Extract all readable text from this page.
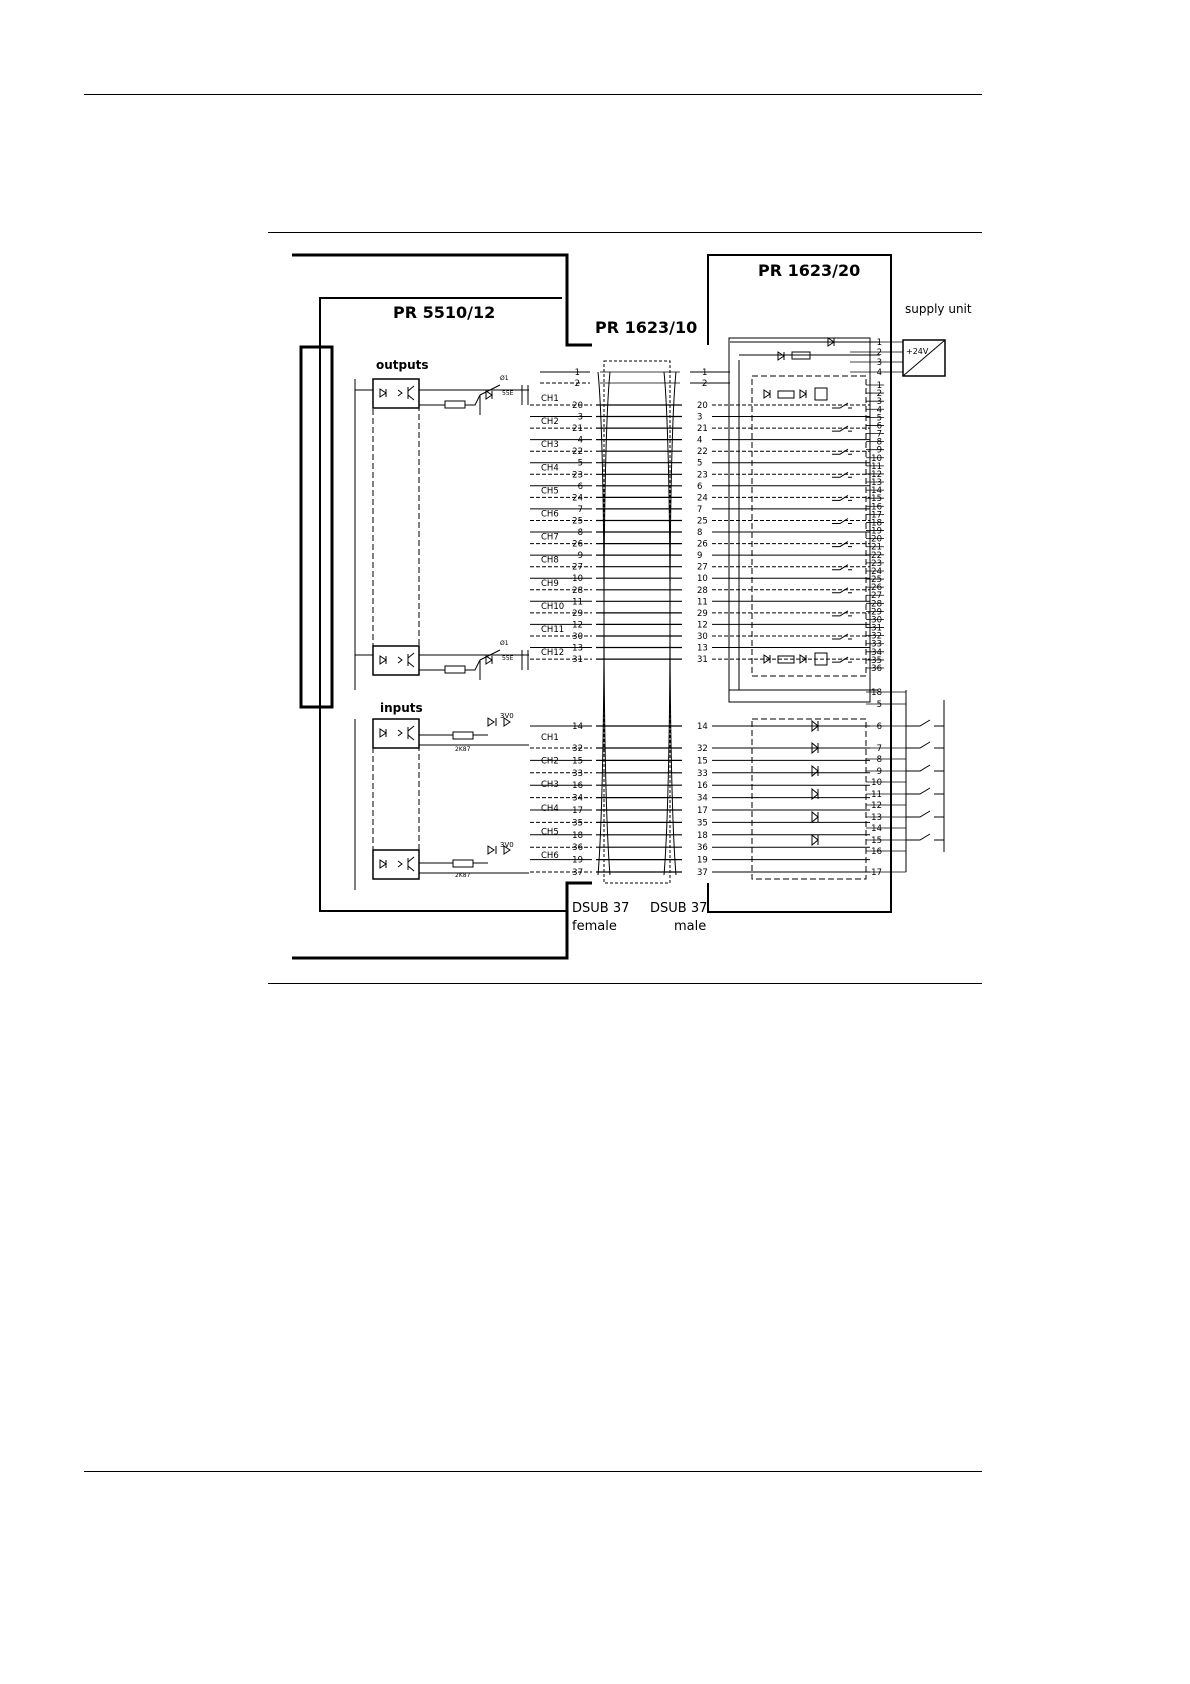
PR 5510/12
PR 1623/10
PR 1623/20
supply unit
+24V
outputs
inputs
DSUB 37
female
DSUB 37
male
3V0
3V0
2K87
2K87
55E
55E
Ø1
Ø1
1	1
2	2
CH1
20	20
3	3
CH2
21	21
4	4
CH3
22	22
5	5
CH4
23	23
6	6
CH5
24	24
7	7
CH6
25	25
8	8
CH7
26	26
9	9
CH8
27	27
10	10
CH9
28	28
11	11
CH10
29	29
12	12
CH11
30	30
13	13
CH12
31	31
1
2
3
4
5
6
7
8
9
10
11
12
13
14
15
16
17
18
19
20
21
22
23
24
25
26
27
28
29
30
31
32
33
34
35
36
1
2
3
4
CH1
CH2
CH3
CH4
CH5
CH6
14	14
32	32
15	15
33	33
16	16
34	34
17	17
35	35
18	18
36	36
19	19
37	37
18
5
6
7
8
9
10
11
12
13
14
15
16
17
